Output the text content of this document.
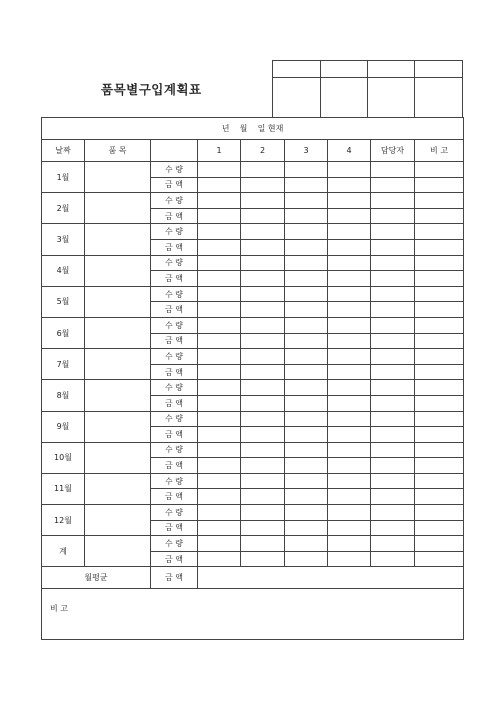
품목별구입계획표

년    월    일 현재								
날짜	품 목		1	2	3	4	담당자	비 고
1월		수 량						
		금 액						
2월		수 량						
		금 액						
3월		수 량						
		금 액						
4월		수 량						
		금 액						
5월		수 량						
		금 액						
6월		수 량						
		금 액						
7월		수 량						
		금 액						
8월		수 량						
		금 액						
9월		수 량						
		금 액						
10월		수 량						
		금 액						
11월		수 량						
		금 액						
12월		수 량						
		금 액						
계		수 량						
		금 액						
월평균		금 액						
비 고								
